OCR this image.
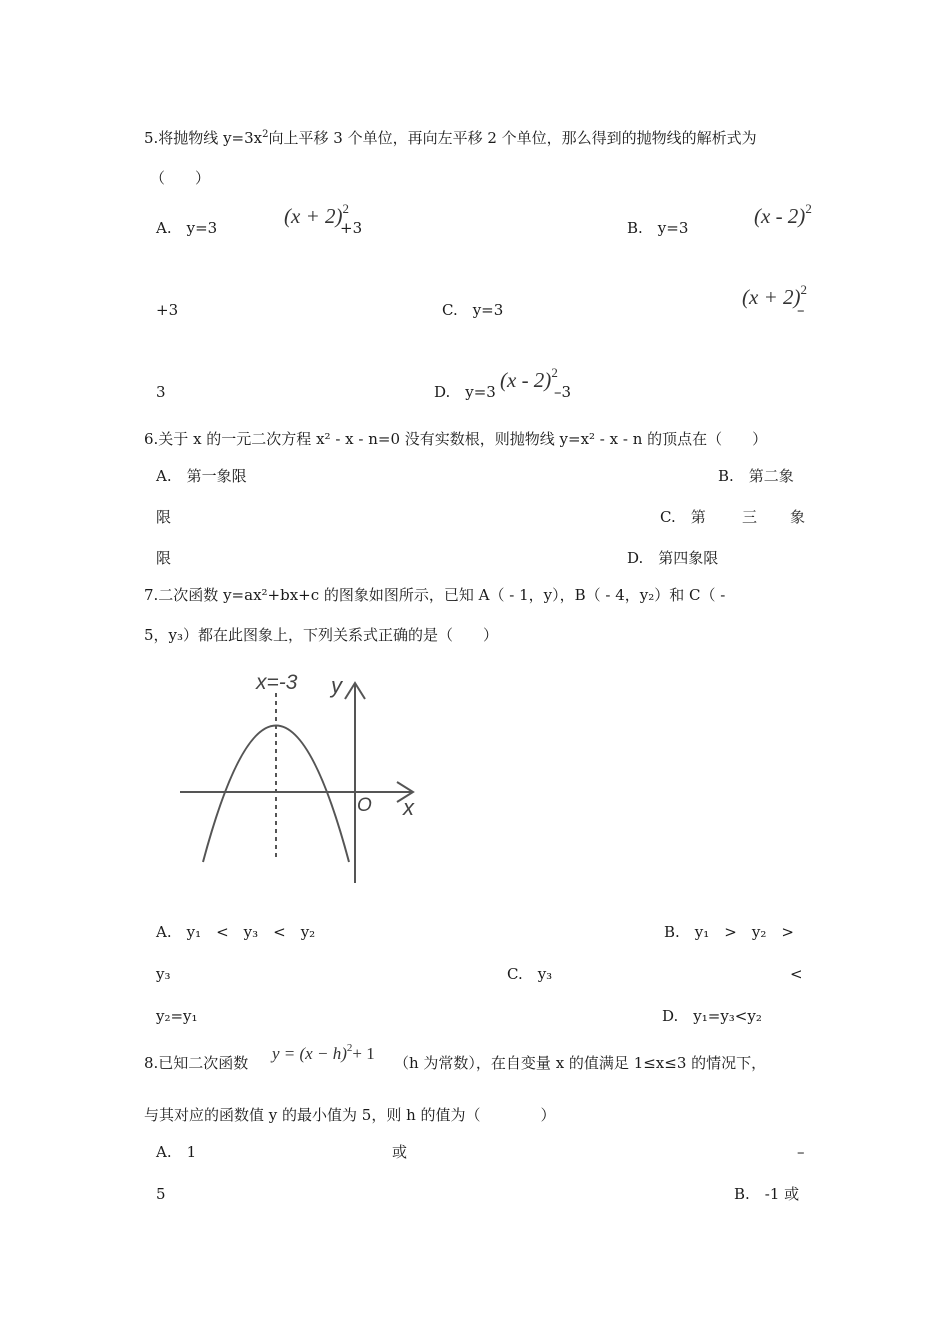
5.将抛物线 $y=3x^2$向上平移 3 个单位，再向左平移 2 个单位，那么得到的抛物线的解析式为
（　　）
A.　y=3	$(x + 2)^2$
+3	B.　y=3	(x - 2)$^2$
+3	C.　y=3
$(x + 2)^2$
–
3	D.　y=3 (x - 2)$^2$
–3
6.关于 x 的一元二次方程 x² - x - n=0 没有实数根，则抛物线 y=x² - x - n 的顶点在（　　）
A.　第一象限	B.　第二象
限	C.　第 三 象
限	D.　第四象限
7.二次函数 y=ax²+bx+c 的图象如图所示，已知 A（ - 1，y），B（ - 4，y₂）和 C（ -
5，y₃）都在此图象上，下列关系式正确的是（　　）
x=-3 y
x
O
A.　y₁　<　y₃　<　y₂	B.　y₁　>　y₂　>
y₃	C.　y₃	<
y₂=y₁	D.　y₁=y₃<y₂
8.已知二次函数 $y = (x - h)^2+ 1$ （h 为常数），在自变量 x 的值满足 1≤x≤3 的情况下，
与其对应的函数值 y 的最小值为 5，则 h 的值为（　　　　）
A.　1	或	–
5	B.　-1 或
